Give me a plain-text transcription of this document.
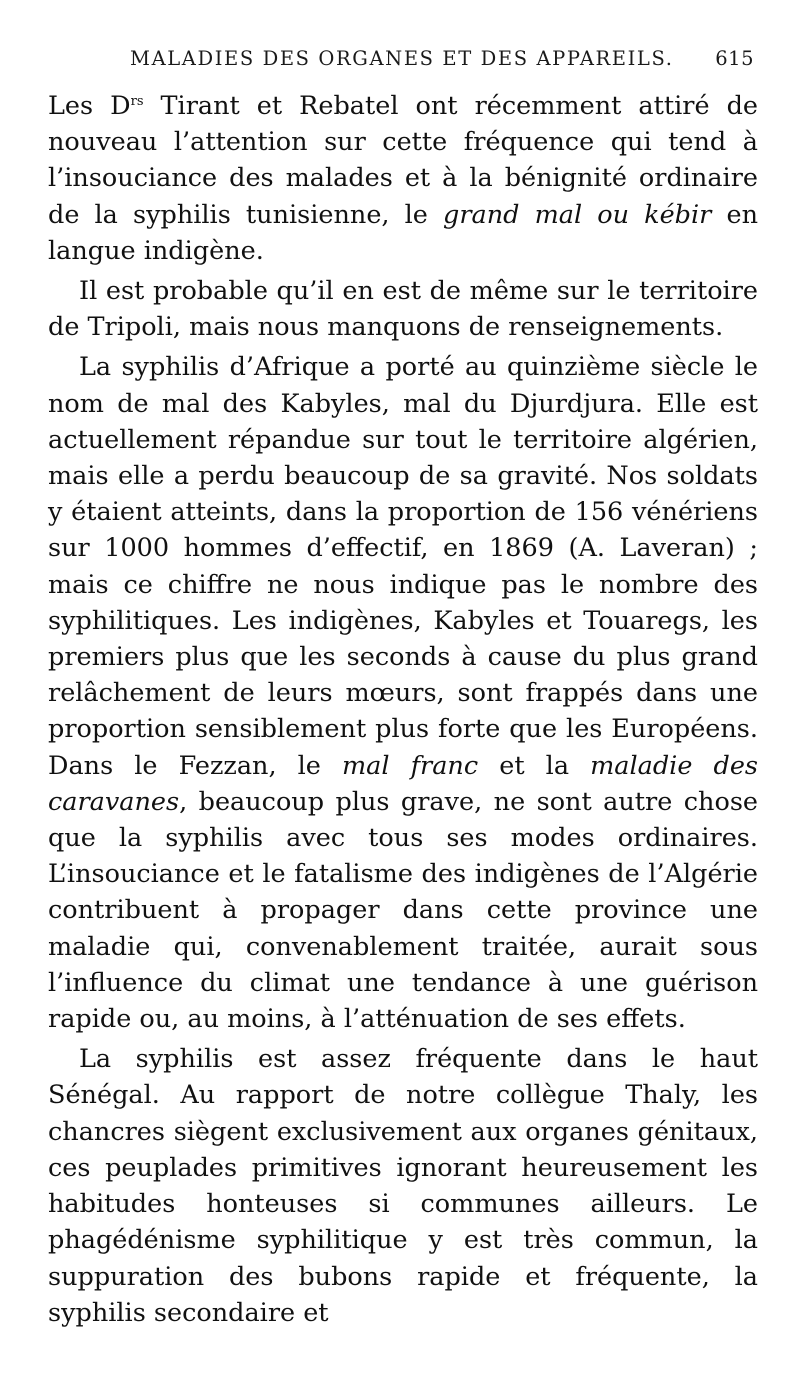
MALADIES DES ORGANES ET DES APPAREILS. 615

Les $D^{rs}$ Tirant et Rebatel ont récemment attiré de nouveau l’attention sur cette fréquence qui tend à l’insouciance des malades et à la bénignité ordinaire de la syphilis tunisienne, le grand mal ou kébir en langue indigène.

Il est probable qu’il en est de même sur le territoire de Tripoli, mais nous manquons de renseignements.

La syphilis d’Afrique a porté au quinzième siècle le nom de mal des Kabyles, mal du Djurdjura. Elle est actuellement répandue sur tout le territoire algérien, mais elle a perdu beaucoup de sa gravité. Nos soldats y étaient atteints, dans la proportion de 156 vénériens sur 1000 hommes d’effectif, en 1869 (A. Laveran) ; mais ce chiffre ne nous indique pas le nombre des syphilitiques. Les indigènes, Kabyles et Touaregs, les premiers plus que les seconds à cause du plus grand relâchement de leurs mœurs, sont frappés dans une proportion sensiblement plus forte que les Européens. Dans le Fezzan, le mal franc et la maladie des caravanes, beaucoup plus grave, ne sont autre chose que la syphilis avec tous ses modes ordinaires. L’insouciance et le fatalisme des indigènes de l’Algérie contribuent à propager dans cette province une maladie qui, convenablement traitée, aurait sous l’influence du climat une tendance à une guérison rapide ou, au moins, à l’atténuation de ses effets.

La syphilis est assez fréquente dans le haut Sénégal. Au rapport de notre collègue Thaly, les chancres siègent exclusivement aux organes génitaux, ces peuplades primitives ignorant heureusement les habitudes honteuses si communes ailleurs. Le phagédénisme syphilitique y est très commun, la suppuration des bubons rapide et fréquente, la syphilis secondaire et
